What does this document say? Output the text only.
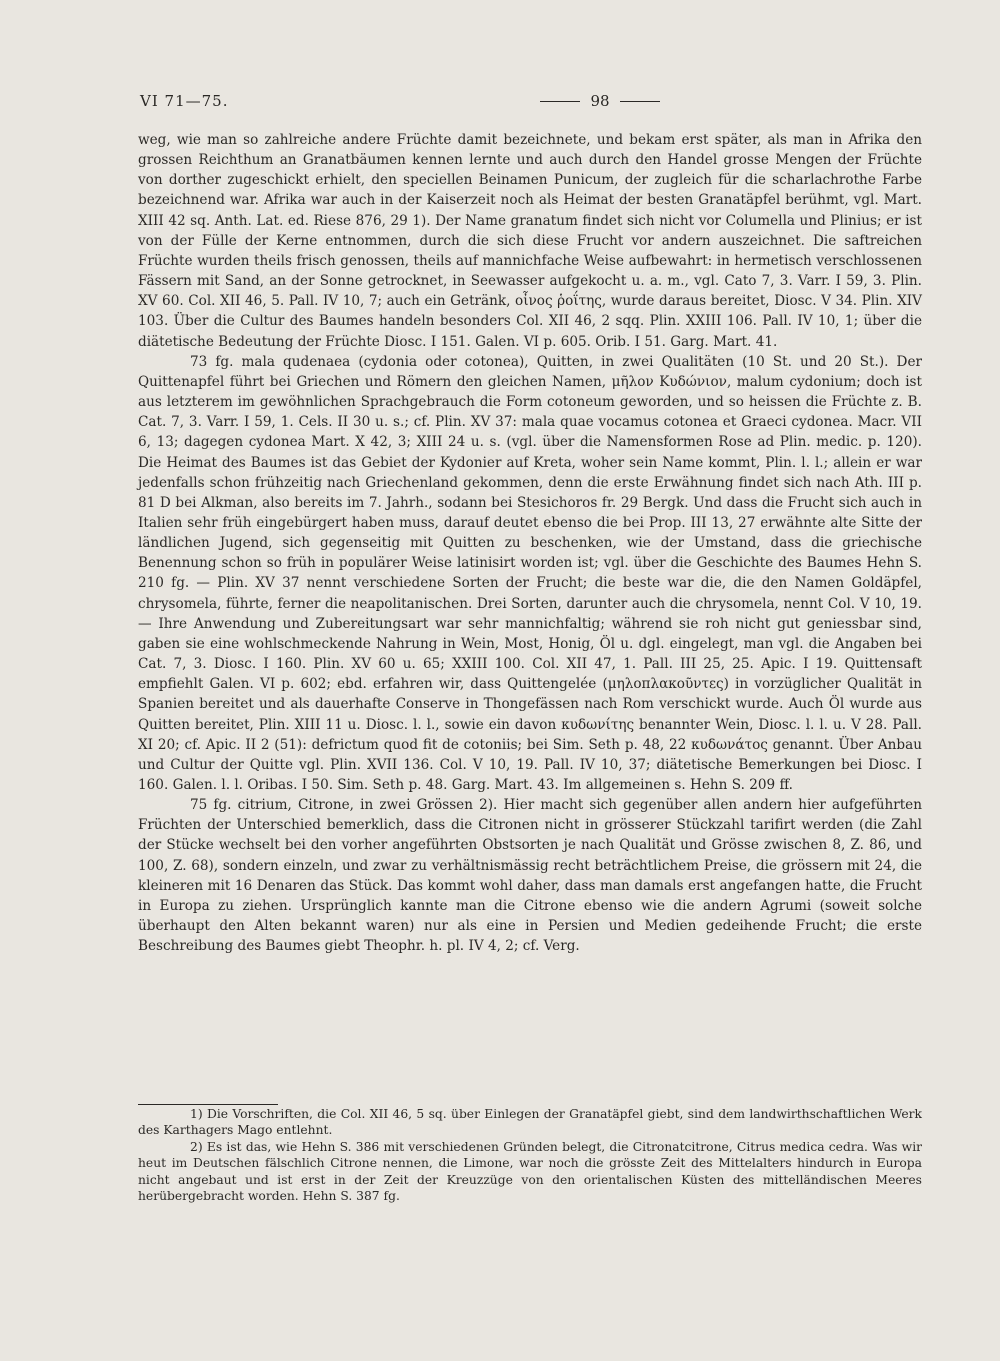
VI 71—75.	98

weg, wie man so zahlreiche andere Früchte damit bezeichnete, und bekam erst später, als man in Afrika den grossen Reichthum an Granatbäumen kennen lernte und auch durch den Handel grosse Mengen der Früchte von dorther zugeschickt erhielt, den speciellen Beinamen Punicum, der zugleich für die scharlachrothe Farbe bezeichnend war. Afrika war auch in der Kaiserzeit noch als Heimat der besten Granatäpfel berühmt, vgl. Mart. XIII 42 sq. Anth. Lat. ed. Riese 876, 29 1). Der Name granatum findet sich nicht vor Columella und Plinius; er ist von der Fülle der Kerne entnommen, durch die sich diese Frucht vor andern auszeichnet. Die saftreichen Früchte wurden theils frisch genossen, theils auf mannichfache Weise aufbewahrt: in hermetisch verschlossenen Fässern mit Sand, an der Sonne getrocknet, in Seewasser aufgekocht u. a. m., vgl. Cato 7, 3. Varr. I 59, 3. Plin. XV 60. Col. XII 46, 5. Pall. IV 10, 7; auch ein Getränk, οἶνος ῥοΐτης, wurde daraus bereitet, Diosc. V 34. Plin. XIV 103. Über die Cultur des Baumes handeln besonders Col. XII 46, 2 sqq. Plin. XXIII 106. Pall. IV 10, 1; über die diätetische Bedeutung der Früchte Diosc. I 151. Galen. VI p. 605. Orib. I 51. Garg. Mart. 41.

73 fg. mala qudenaea (cydonia oder cotonea), Quitten, in zwei Qualitäten (10 St. und 20 St.). Der Quittenapfel führt bei Griechen und Römern den gleichen Namen, μῆλον Κυδώνιον, malum cydonium; doch ist aus letzterem im gewöhnlichen Sprachgebrauch die Form cotoneum geworden, und so heissen die Früchte z. B. Cat. 7, 3. Varr. I 59, 1. Cels. II 30 u. s.; cf. Plin. XV 37: mala quae vocamus cotonea et Graeci cydonea. Macr. VII 6, 13; dagegen cydonea Mart. X 42, 3; XIII 24 u. s. (vgl. über die Namensformen Rose ad Plin. medic. p. 120). Die Heimat des Baumes ist das Gebiet der Kydonier auf Kreta, woher sein Name kommt, Plin. l. l.; allein er war jedenfalls schon frühzeitig nach Griechenland gekommen, denn die erste Erwähnung findet sich nach Ath. III p. 81 D bei Alkman, also bereits im 7. Jahrh., sodann bei Stesichoros fr. 29 Bergk. Und dass die Frucht sich auch in Italien sehr früh eingebürgert haben muss, darauf deutet ebenso die bei Prop. III 13, 27 erwähnte alte Sitte der ländlichen Jugend, sich gegenseitig mit Quitten zu beschenken, wie der Umstand, dass die griechische Benennung schon so früh in populärer Weise latinisirt worden ist; vgl. über die Geschichte des Baumes Hehn S. 210 fg. — Plin. XV 37 nennt verschiedene Sorten der Frucht; die beste war die, die den Namen Goldäpfel, chrysomela, führte, ferner die neapolitanischen. Drei Sorten, darunter auch die chrysomela, nennt Col. V 10, 19. — Ihre Anwendung und Zubereitungsart war sehr mannichfaltig; während sie roh nicht gut geniessbar sind, gaben sie eine wohlschmeckende Nahrung in Wein, Most, Honig, Öl u. dgl. eingelegt, man vgl. die Angaben bei Cat. 7, 3. Diosc. I 160. Plin. XV 60 u. 65; XXIII 100. Col. XII 47, 1. Pall. III 25, 25. Apic. I 19. Quittensaft empfiehlt Galen. VI p. 602; ebd. erfahren wir, dass Quittengelée (μηλοπλακοῦντες) in vorzüglicher Qualität in Spanien bereitet und als dauerhafte Conserve in Thongefässen nach Rom verschickt wurde. Auch Öl wurde aus Quitten bereitet, Plin. XIII 11 u. Diosc. l. l., sowie ein davon κυδωνίτης benannter Wein, Diosc. l. l. u. V 28. Pall. XI 20; cf. Apic. II 2 (51): defrictum quod fit de cotoniis; bei Sim. Seth p. 48, 22 κυδωνάτος genannt. Über Anbau und Cultur der Quitte vgl. Plin. XVII 136. Col. V 10, 19. Pall. IV 10, 37; diätetische Bemerkungen bei Diosc. I 160. Galen. l. l. Oribas. I 50. Sim. Seth p. 48. Garg. Mart. 43. Im allgemeinen s. Hehn S. 209 ff.

75 fg. citrium, Citrone, in zwei Grössen 2). Hier macht sich gegenüber allen andern hier aufgeführten Früchten der Unterschied bemerklich, dass die Citronen nicht in grösserer Stückzahl tarifirt werden (die Zahl der Stücke wechselt bei den vorher angeführten Obstsorten je nach Qualität und Grösse zwischen 8, Z. 86, und 100, Z. 68), sondern einzeln, und zwar zu verhältnismässig recht beträchtlichem Preise, die grössern mit 24, die kleineren mit 16 Denaren das Stück. Das kommt wohl daher, dass man damals erst angefangen hatte, die Frucht in Europa zu ziehen. Ursprünglich kannte man die Citrone ebenso wie die andern Agrumi (soweit solche überhaupt den Alten bekannt waren) nur als eine in Persien und Medien gedeihende Frucht; die erste Beschreibung des Baumes giebt Theophr. h. pl. IV 4, 2; cf. Verg.

1) Die Vorschriften, die Col. XII 46, 5 sq. über Einlegen der Granatäpfel giebt, sind dem landwirthschaftlichen Werk des Karthagers Mago entlehnt.

2) Es ist das, wie Hehn S. 386 mit verschiedenen Gründen belegt, die Citronatcitrone, Citrus medica cedra. Was wir heut im Deutschen fälschlich Citrone nennen, die Limone, war noch die grösste Zeit des Mittelalters hindurch in Europa nicht angebaut und ist erst in der Zeit der Kreuzzüge von den orientalischen Küsten des mittelländischen Meeres herübergebracht worden. Hehn S. 387 fg.
